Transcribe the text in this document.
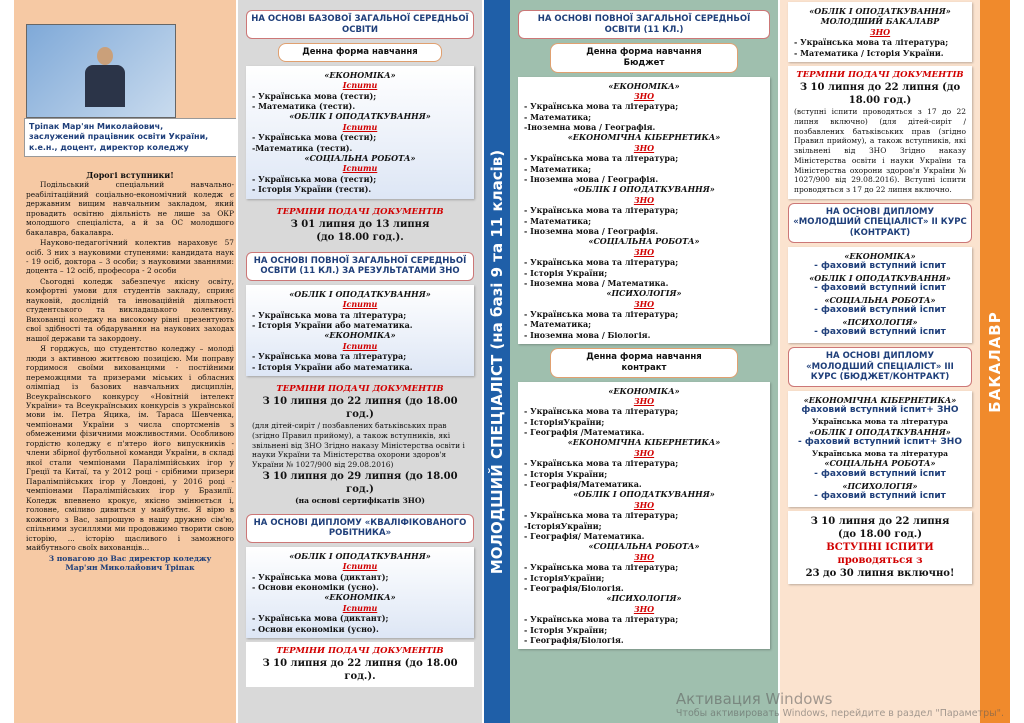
Тріпак Мар'ян Миколайович,
заслужений працівник освіти України, к.е.н., доцент, директор коледжу
Дорогі вступники!

Подільський спеціальний навчально-реабілітаційний соціально-економічний коледж є державним вищим навчальним закладом, який провадить освітню діяльність не лише за ОКР молодшого спеціаліста, а й за ОС молодшого бакалавра, бакалавра.

Науково-педагогічний колектив нараховує 57 осіб. З них з науковими ступенями: кандидата наук - 19 осіб, доктора – 3 особи; з науковими званнями: доцента – 12 осіб, професора - 2 особи

Сьогодні коледж забезпечує якісну освіту, комфортні умови для студентів закладу, сприяє науковій, дослідній та інноваційній діяльності студентського та викладацького колективу. Вихованці коледжу на високому рівні презентують свої здібності та обдарування на наукових заходах нашої держави та закордону.

Я горджусь, що студентство коледжу – молоді люди з активною життєвою позицією. Ми поправу гордимося своїми вихованцями - постійними переможцями та призерами міських і обласних олімпіад із базових навчальних дисциплін, Всеукраїнського конкурсу «Новітній інтелект України» та Всеукраїнських конкурсів з української мови ім. Петра Яцика, ім. Тараса Шевченка, чемпіонами України з числа спортсменів з обмеженими фізичними можливостями. Особливою гордістю коледжу є п'ятеро його випускників - члени збірної футбольної команди України, в складі якої стали чемпіонами Паралімпійських ігор у Греції та Китаї, та у 2012 році - срібними призери Паралімпійських ігор у Лондоні, у 2016 році - чемпіонами Паралімпійських ігор у Бразилії. Коледж впевнено крокує, якісно змінюється і, головне, сміливо дивиться у майбутнє. Я вірю в кожного з Вас, запрошую в нашу дружню сім'ю, спільними зусиллями ми продовжимо творити свою історію, ... історію щасливого і заможного майбутнього своїх вихованців...

З повагою до Вас директор коледжу
Мар'ян Миколайович Тріпак
НА ОСНОВІ БАЗОВОЇ ЗАГАЛЬНОЇ СЕРЕДНЬОЇ ОСВІТИ
Денна форма навчання
«ЕКОНОМІКА»
Іспити
- Українська мова (тести);
- Математика (тести).
«ОБЛІК І ОПОДАТКУВАННЯ»
Іспити
- Українська мова (тести);
-Математика (тести).
«СОЦІАЛЬНА РОБОТА»
Іспити
- Українська мова (тести);
- Історія України (тести).
ТЕРМІНИ ПОДАЧІ ДОКУМЕНТІВ
З 01 липня до 13 липня
(до 18.00 год.).
НА ОСНОВІ ПОВНОЇ ЗАГАЛЬНОЇ СЕРЕДНЬОЇ ОСВІТИ (11 КЛ.) ЗА РЕЗУЛЬТАТАМИ ЗНО
«ОБЛІК І ОПОДАТКУВАННЯ»
Іспити
- Українська мова та література;
- Історія України або математика.
«ЕКОНОМІКА»
Іспити
- Українська мова та література;
- Історія України або математика.
ТЕРМІНИ ПОДАЧІ ДОКУМЕНТІВ
З 10 липня до 22 липня (до 18.00 год.)
(для дітей-сиріт / позбавлених батьківських прав (згідно Правил прийому), а також вступників, які звільнені від ЗНО Згідно наказу Міністерства освіти і науки України та Міністерства охорони здоров'я України № 1027/900 від 29.08.2016)
З 10 липня до 29 липня (до 18.00 год.)
(на основі сертифікатів ЗНО)
НА ОСНОВІ ДИПЛОМУ «КВАЛІФІКОВАНОГО РОБІТНИКА»
«ОБЛІК І ОПОДАТКУВАННЯ»
Іспити
- Українська мова (диктант);
- Основи економіки (усно).
«ЕКОНОМІКА»
Іспити
- Українська мова (диктант);
- Основи економіки (усно).
ТЕРМІНИ ПОДАЧІ ДОКУМЕНТІВ
З 10 липня до 22 липня (до 18.00 год.).
МОЛОДШИЙ СПЕЦІАЛІСТ (на базі 9 та 11 класів)
НА ОСНОВІ ПОВНОЇ ЗАГАЛЬНОЇ СЕРЕДНЬОЇ ОСВІТИ (11 КЛ.)
Денна форма навчання
Бюджет
«ЕКОНОМІКА»
ЗНО
- Українська мова та література;
- Математика;
-Іноземна мова / Географія.
«ЕКОНОМІЧНА КІБЕРНЕТИКА»
ЗНО
- Українська мова та література;
- Математика;
- Іноземна мова / Географія.
«ОБЛІК І ОПОДАТКУВАННЯ»
ЗНО
- Українська мова та література;
- Математика;
- Іноземна мова / Географія.
«СОЦІАЛЬНА РОБОТА»
ЗНО
- Українська мова та література;
- Історія України;
- Іноземна мова / Математика.
«ПСИХОЛОГІЯ»
ЗНО
- Українська мова та література;
- Математика;
- Іноземна мова / Біологія.
Денна форма навчання
контракт
«ЕКОНОМІКА»
ЗНО
- Українська мова та література;
- ІсторіяУкраїни;
- Географія /Математика.
«ЕКОНОМІЧНА КІБЕРНЕТИКА»
ЗНО
- Українська мова та література;
- Історія України;
- Географія/Математика.
«ОБЛІК І ОПОДАТКУВАННЯ»
ЗНО
- Українська мова та література;
-ІсторіяУкраїни;
- Географія/ Математика.
«СОЦІАЛЬНА РОБОТА»
ЗНО
- Українська мова та література;
- ІсторіяУкраїни;
- Географія/Біологія.
«ПСИХОЛОГІЯ»
ЗНО
- Українська мова та література;
- Історія України;
- Географія/Біологія.
«ОБЛІК І ОПОДАТКУВАННЯ» МОЛОДШИЙ БАКАЛАВР
ЗНО
- Українська мова та література;
- Математика / Історія України.
ТЕРМІНИ ПОДАЧІ ДОКУМЕНТІВ
З 10 липня до 22 липня (до 18.00 год.)
(вступні іспити проводяться з 17 до 22 липня включно) (для дітей-сиріт / позбавлених батьківських прав (згідно Правил прийому), а також вступників, які звільнені від ЗНО Згідно наказу Міністерства освіти і науки України та Міністерства охорони здоров'я України № 1027/900 від 29.08.2016). Вступні іспити проводяться з 17 до 22 липня включно.
НА ОСНОВІ ДИПЛОМУ «МОЛОДШИЙ СПЕЦІАЛІСТ» ІІ КУРС (КОНТРАКТ)
«ЕКОНОМІКА»
- фаховий вступний іспит
«ОБЛІК І ОПОДАТКУВАННЯ»
- фаховий вступний іспит
«СОЦІАЛЬНА РОБОТА»
- фаховий вступний іспит
«ПСИХОЛОГІЯ»
- фаховий вступний іспит
НА ОСНОВІ ДИПЛОМУ «МОЛОДШИЙ СПЕЦІАЛІСТ» ІІІ КУРС (БЮДЖЕТ/КОНТРАКТ)
«ЕКОНОМІЧНА КІБЕРНЕТИКА»
фаховий вступний іспит+ ЗНО
Українська мова та література
«ОБЛІК І ОПОДАТКУВАННЯ»
- фаховий вступний іспит+ ЗНО
Українська мова та література
«СОЦІАЛЬНА РОБОТА»
- фаховий вступний іспит
«ПСИХОЛОГІЯ»
- фаховий вступний іспит
З 10 липня до 22 липня
(до 18.00 год.)
ВСТУПНІ ІСПИТИ проводяться з
23 до 30 липня включно!
БАКАЛАВР
Активация Windows
Чтобы активировать Windows, перейдите в раздел "Параметры".
